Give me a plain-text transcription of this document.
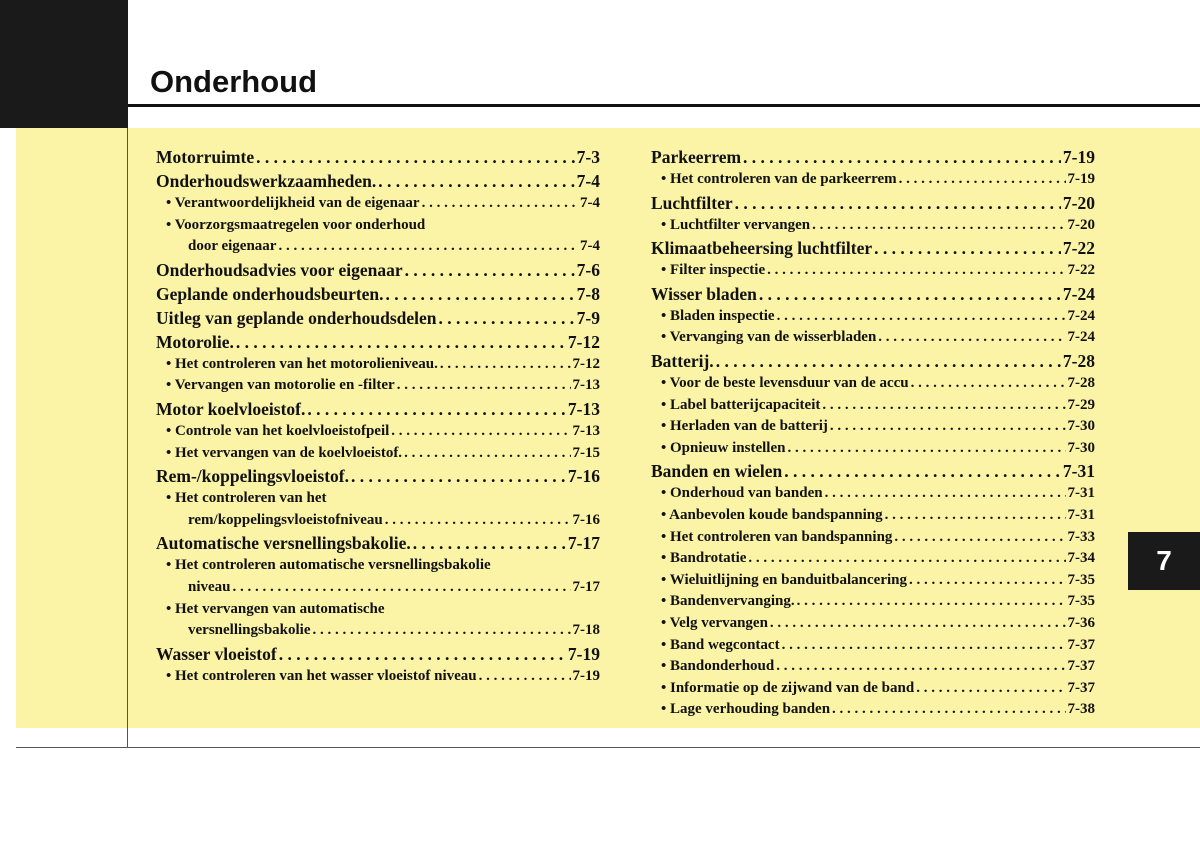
Onderhoud
7
Motorruimte . . .	7-3
Onderhoudswerkzaamheden. . . .	7-4
• Verantwoordelijkheid van de eigenaar . . .	7-4
• Voorzorgsmaatregelen voor onderhoud
door eigenaar . . .	7-4
Onderhoudsadvies voor eigenaar . . .	7-6
Geplande onderhoudsbeurten. . . .	7-8
Uitleg van geplande onderhoudsdelen . . .	7-9
Motorolie. . . .	7-12
• Het controleren van het motorolieniveau. . . .	7-12
• Vervangen van motorolie en -filter . . .	7-13
Motor koelvloeistof. . . .	7-13
• Controle van het koelvloeistofpeil . . .	7-13
• Het vervangen van de koelvloeistof. . . .	7-15
Rem-/koppelingsvloeistof. . . .	7-16
• Het controleren van het
rem/koppelingsvloeistofniveau . . .	7-16
Automatische versnellingsbakolie. . . .	7-17
• Het controleren automatische versnellingsbakolie
niveau . . .	7-17
• Het vervangen van automatische
versnellingsbakolie . . .	7-18
Wasser vloeistof . . .	7-19
• Het controleren van het wasser vloeistof niveau . . .	7-19
Parkeerrem . . .	7-19
• Het controleren van de parkeerrem . . .	7-19
Luchtfilter . . .	7-20
• Luchtfilter vervangen . . .	7-20
Klimaatbeheersing luchtfilter . . .	7-22
• Filter inspectie . . .	7-22
Wisser bladen . . .	7-24
• Bladen inspectie . . .	7-24
• Vervanging van de wisserbladen . . .	7-24
Batterij. . . .	7-28
• Voor de beste levensduur van de accu . . .	7-28
• Label batterijcapaciteit . . .	7-29
• Herladen van de batterij . . .	7-30
• Opnieuw instellen . . .	7-30
Banden en wielen . . .	7-31
• Onderhoud van banden . . .	7-31
• Aanbevolen koude bandspanning . . .	7-31
• Het controleren van bandspanning . . .	7-33
• Bandrotatie . . .	7-34
• Wieluitlijning en banduitbalancering . . .	7-35
• Bandenvervanging. . . .	7-35
• Velg vervangen . . .	7-36
• Band wegcontact . . .	7-37
• Bandonderhoud . . .	7-37
• Informatie op de zijwand van de band . . .	7-37
• Lage verhouding banden . . .	7-38
